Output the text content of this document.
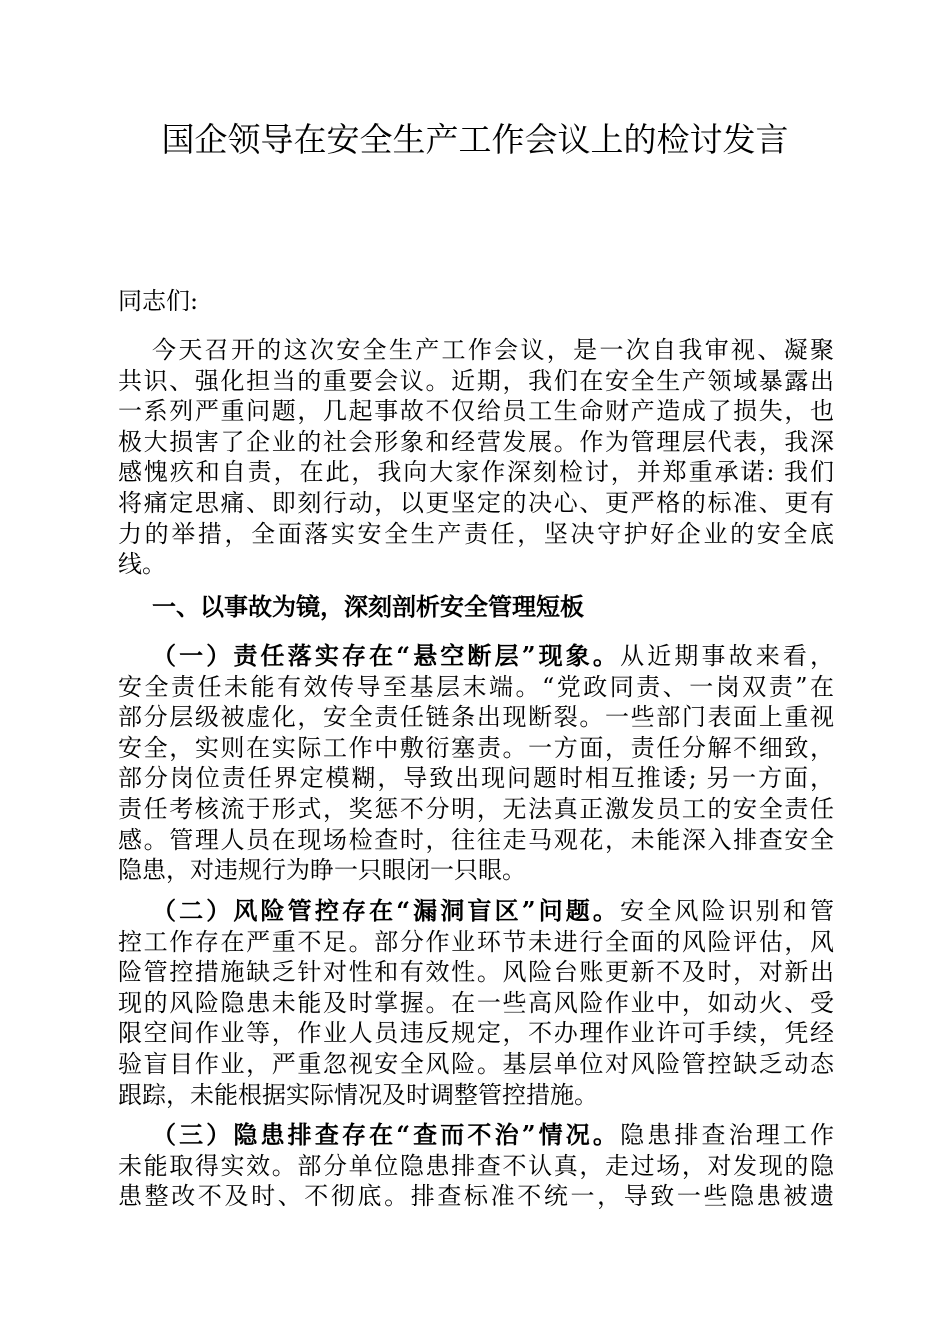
国企领导在安全生产工作会议上的检讨发言
同志们:
今天召开的这次安全生产工作会议，是一次自我审视、凝聚
共识、强化担当的重要会议。近期，我们在安全生产领域暴露出
一系列严重问题，几起事故不仅给员工生命财产造成了损失，也
极大损害了企业的社会形象和经营发展。作为管理层代表，我深
感愧疚和自责，在此，我向大家作深刻检讨，并郑重承诺: 我们
将痛定思痛、即刻行动，以更坚定的决心、更严格的标准、更有
力的举措，全面落实安全生产责任，坚决守护好企业的安全底
线。
一、以事故为镜，深刻剖析安全管理短板
（一）责任落实存在“悬空断层”现象。从近期事故来看，
安全责任未能有效传导至基层末端。“党政同责、一岗双责”在
部分层级被虚化，安全责任链条出现断裂。一些部门表面上重视
安全，实则在实际工作中敷衍塞责。一方面，责任分解不细致，
部分岗位责任界定模糊，导致出现问题时相互推诿; 另一方面，
责任考核流于形式，奖惩不分明，无法真正激发员工的安全责任
感。管理人员在现场检查时，往往走马观花，未能深入排查安全
隐患，对违规行为睁一只眼闭一只眼。
（二）风险管控存在“漏洞盲区”问题。安全风险识别和管
控工作存在严重不足。部分作业环节未进行全面的风险评估，风
险管控措施缺乏针对性和有效性。风险台账更新不及时，对新出
现的风险隐患未能及时掌握。在一些高风险作业中，如动火、受
限空间作业等，作业人员违反规定，不办理作业许可手续，凭经
验盲目作业，严重忽视安全风险。基层单位对风险管控缺乏动态
跟踪，未能根据实际情况及时调整管控措施。
（三）隐患排查存在“查而不治”情况。隐患排查治理工作
未能取得实效。部分单位隐患排查不认真，走过场，对发现的隐
患整改不及时、不彻底。排查标准不统一，导致一些隐患被遗
